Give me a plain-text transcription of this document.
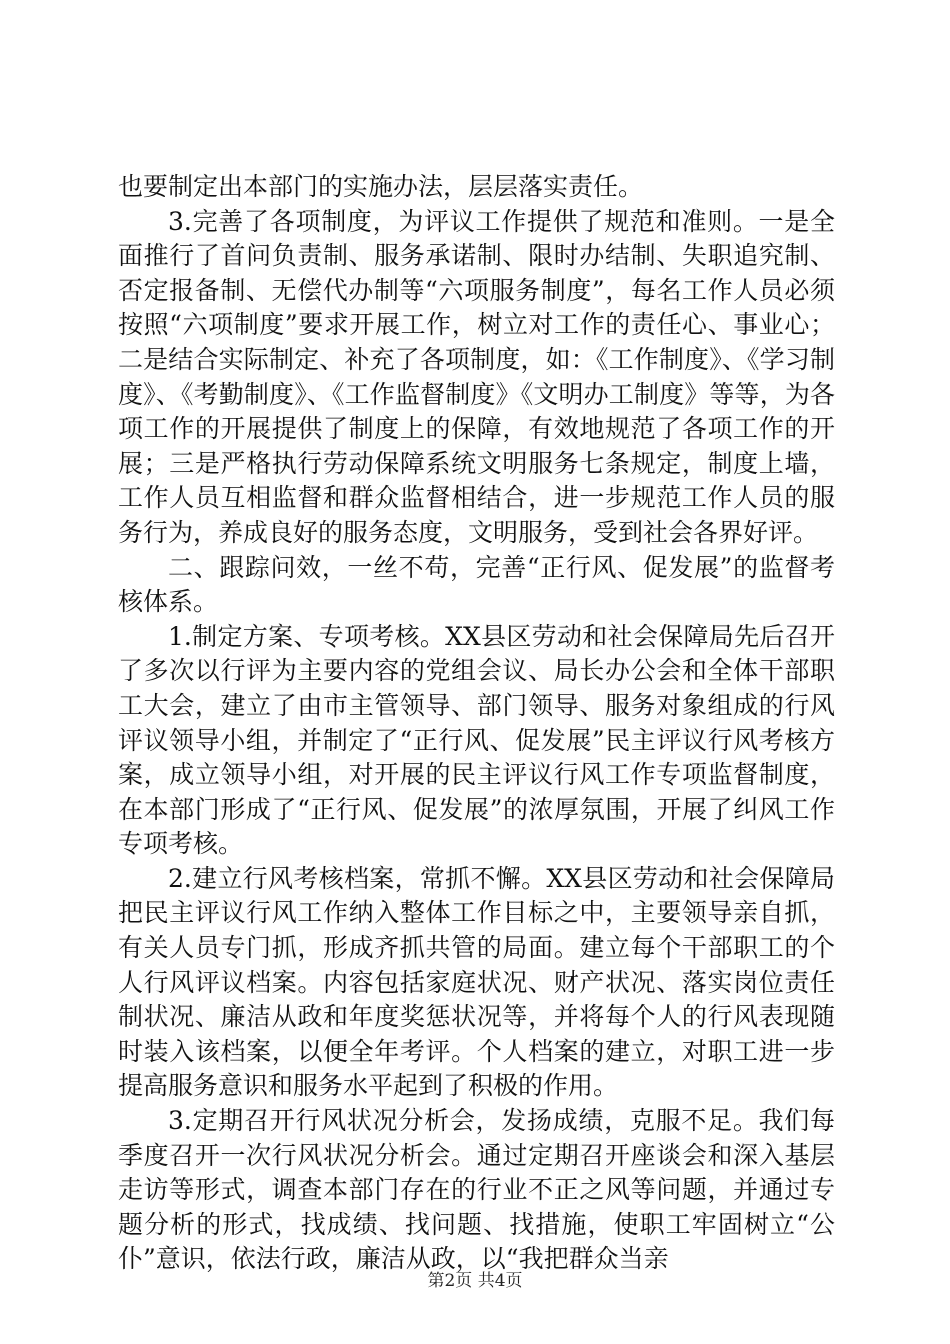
也要制定出本部门的实施办法，层层落实责任。

3.完善了各项制度，为评议工作提供了规范和准则。一是全面推行了首问负责制、服务承诺制、限时办结制、失职追究制、否定报备制、无偿代办制等“六项服务制度”，每名工作人员必须按照“六项制度”要求开展工作，树立对工作的责任心、事业心；二是结合实际制定、补充了各项制度，如：《工作制度》、《学习制度》、《考勤制度》、《工作监督制度》《文明办工制度》等等，为各项工作的开展提供了制度上的保障，有效地规范了各项工作的开展；三是严格执行劳动保障系统文明服务七条规定，制度上墙，工作人员互相监督和群众监督相结合，进一步规范工作人员的服务行为，养成良好的服务态度，文明服务，受到社会各界好评。

二、跟踪问效，一丝不苟，完善“正行风、促发展”的监督考核体系。

1.制定方案、专项考核。XX县区劳动和社会保障局先后召开了多次以行评为主要内容的党组会议、局长办公会和全体干部职工大会，建立了由市主管领导、部门领导、服务对象组成的行风评议领导小组，并制定了“正行风、促发展”民主评议行风考核方案，成立领导小组，对开展的民主评议行风工作专项监督制度，在本部门形成了“正行风、促发展”的浓厚氛围，开展了纠风工作专项考核。

2.建立行风考核档案，常抓不懈。XX县区劳动和社会保障局把民主评议行风工作纳入整体工作目标之中，主要领导亲自抓，有关人员专门抓，形成齐抓共管的局面。建立每个干部职工的个人行风评议档案。内容包括家庭状况、财产状况、落实岗位责任制状况、廉洁从政和年度奖惩状况等，并将每个人的行风表现随时装入该档案，以便全年考评。个人档案的建立，对职工进一步提高服务意识和服务水平起到了积极的作用。

3.定期召开行风状况分析会，发扬成绩，克服不足。我们每季度召开一次行风状况分析会。通过定期召开座谈会和深入基层走访等形式，调查本部门存在的行业不正之风等问题，并通过专题分析的形式，找成绩、找问题、找措施，使职工牢固树立“公仆”意识，依法行政，廉洁从政，以“我把群众当亲

第2页 共4页
